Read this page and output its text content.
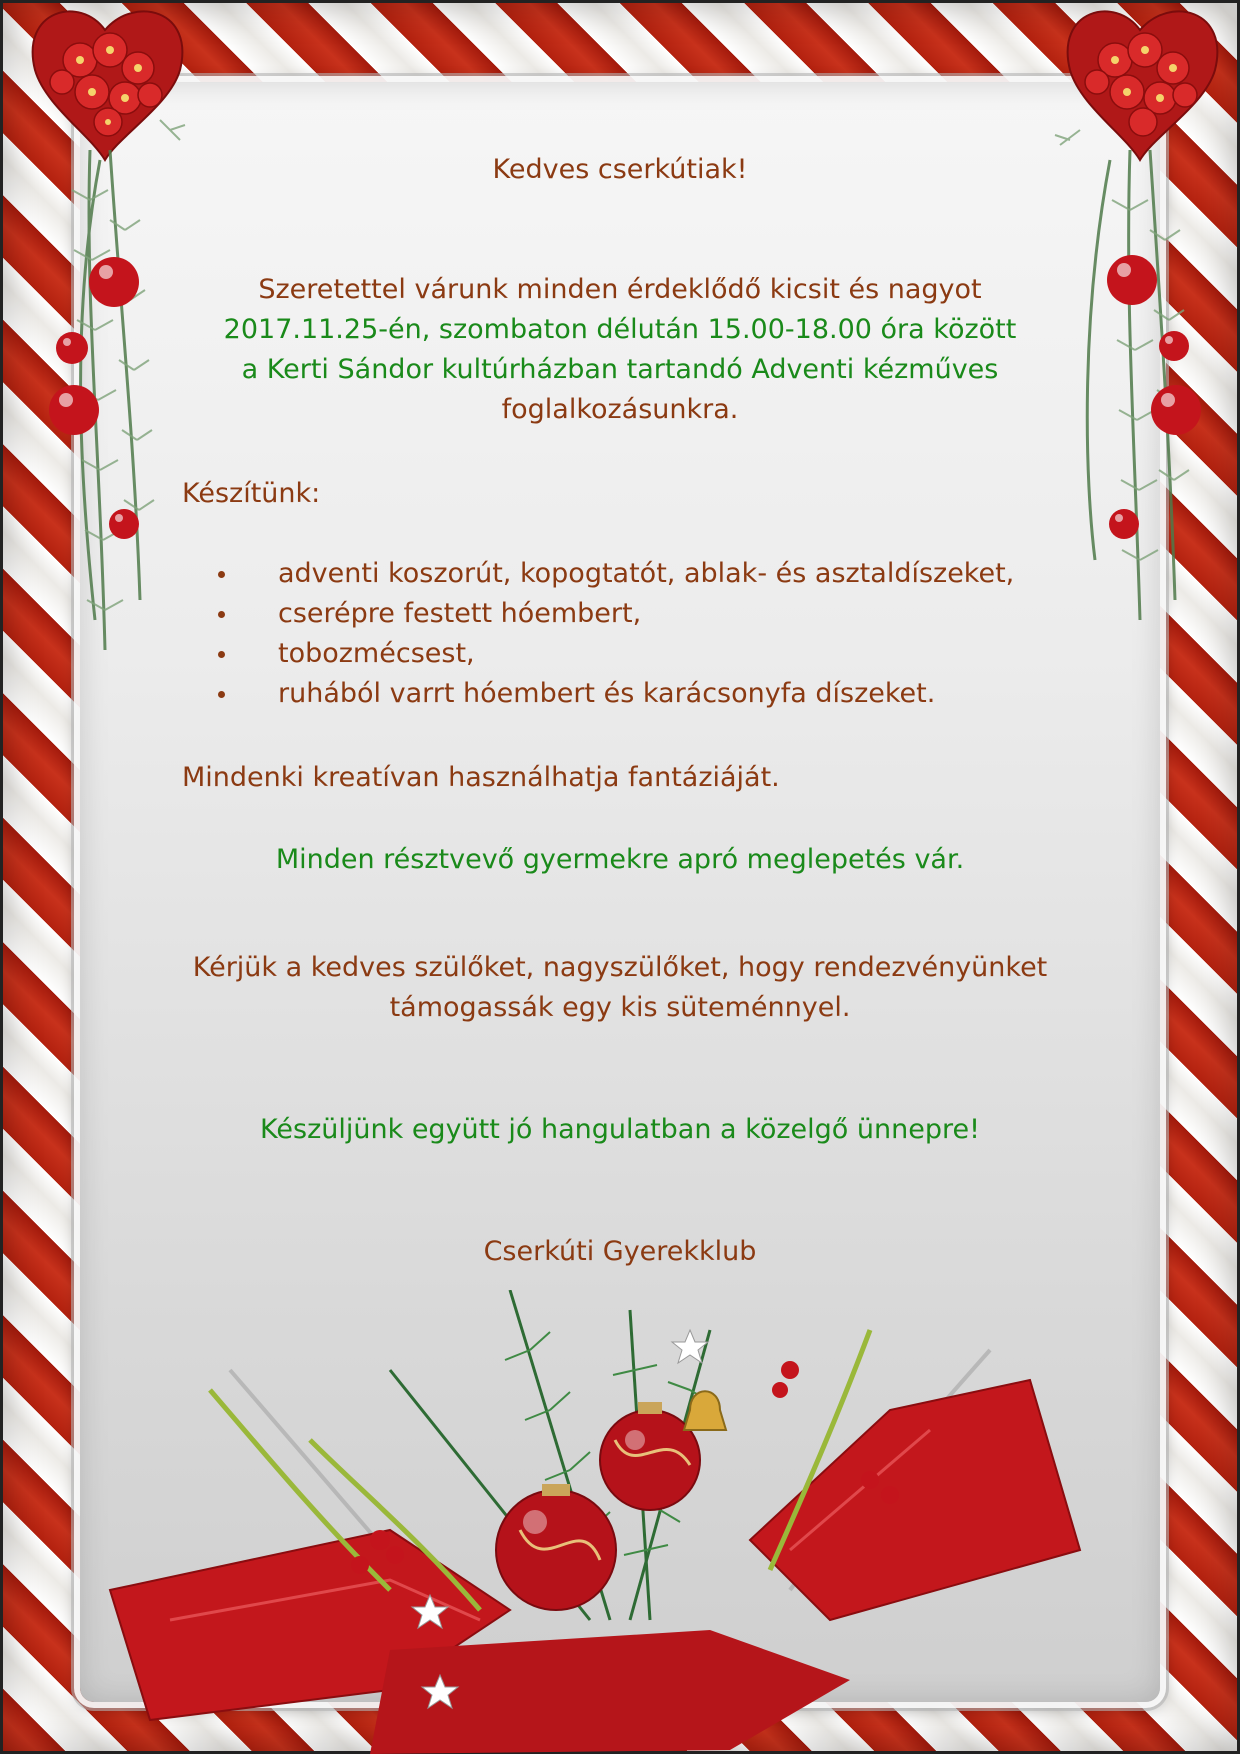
Kedves cserkútiak!
Szeretettel várunk minden érdeklődő kicsit és nagyot
2017.11.25-én, szombaton délután 15.00-18.00 óra között
a Kerti Sándor kultúrházban tartandó Adventi kézműves
foglalkozásunkra.
Készítünk:
adventi koszorút, kopogtatót, ablak- és asztaldíszeket,
cserépre festett hóembert,
tobozmécsest,
ruhából varrt hóembert és karácsonyfa díszeket.
Mindenki kreatívan használhatja fantáziáját.
Minden résztvevő gyermekre apró meglepetés vár.
Kérjük a kedves szülőket, nagyszülőket, hogy rendezvényünket
támogassák egy kis süteménnyel.
Készüljünk együtt jó hangulatban a közelgő ünnepre!
Cserkúti Gyerekklub
